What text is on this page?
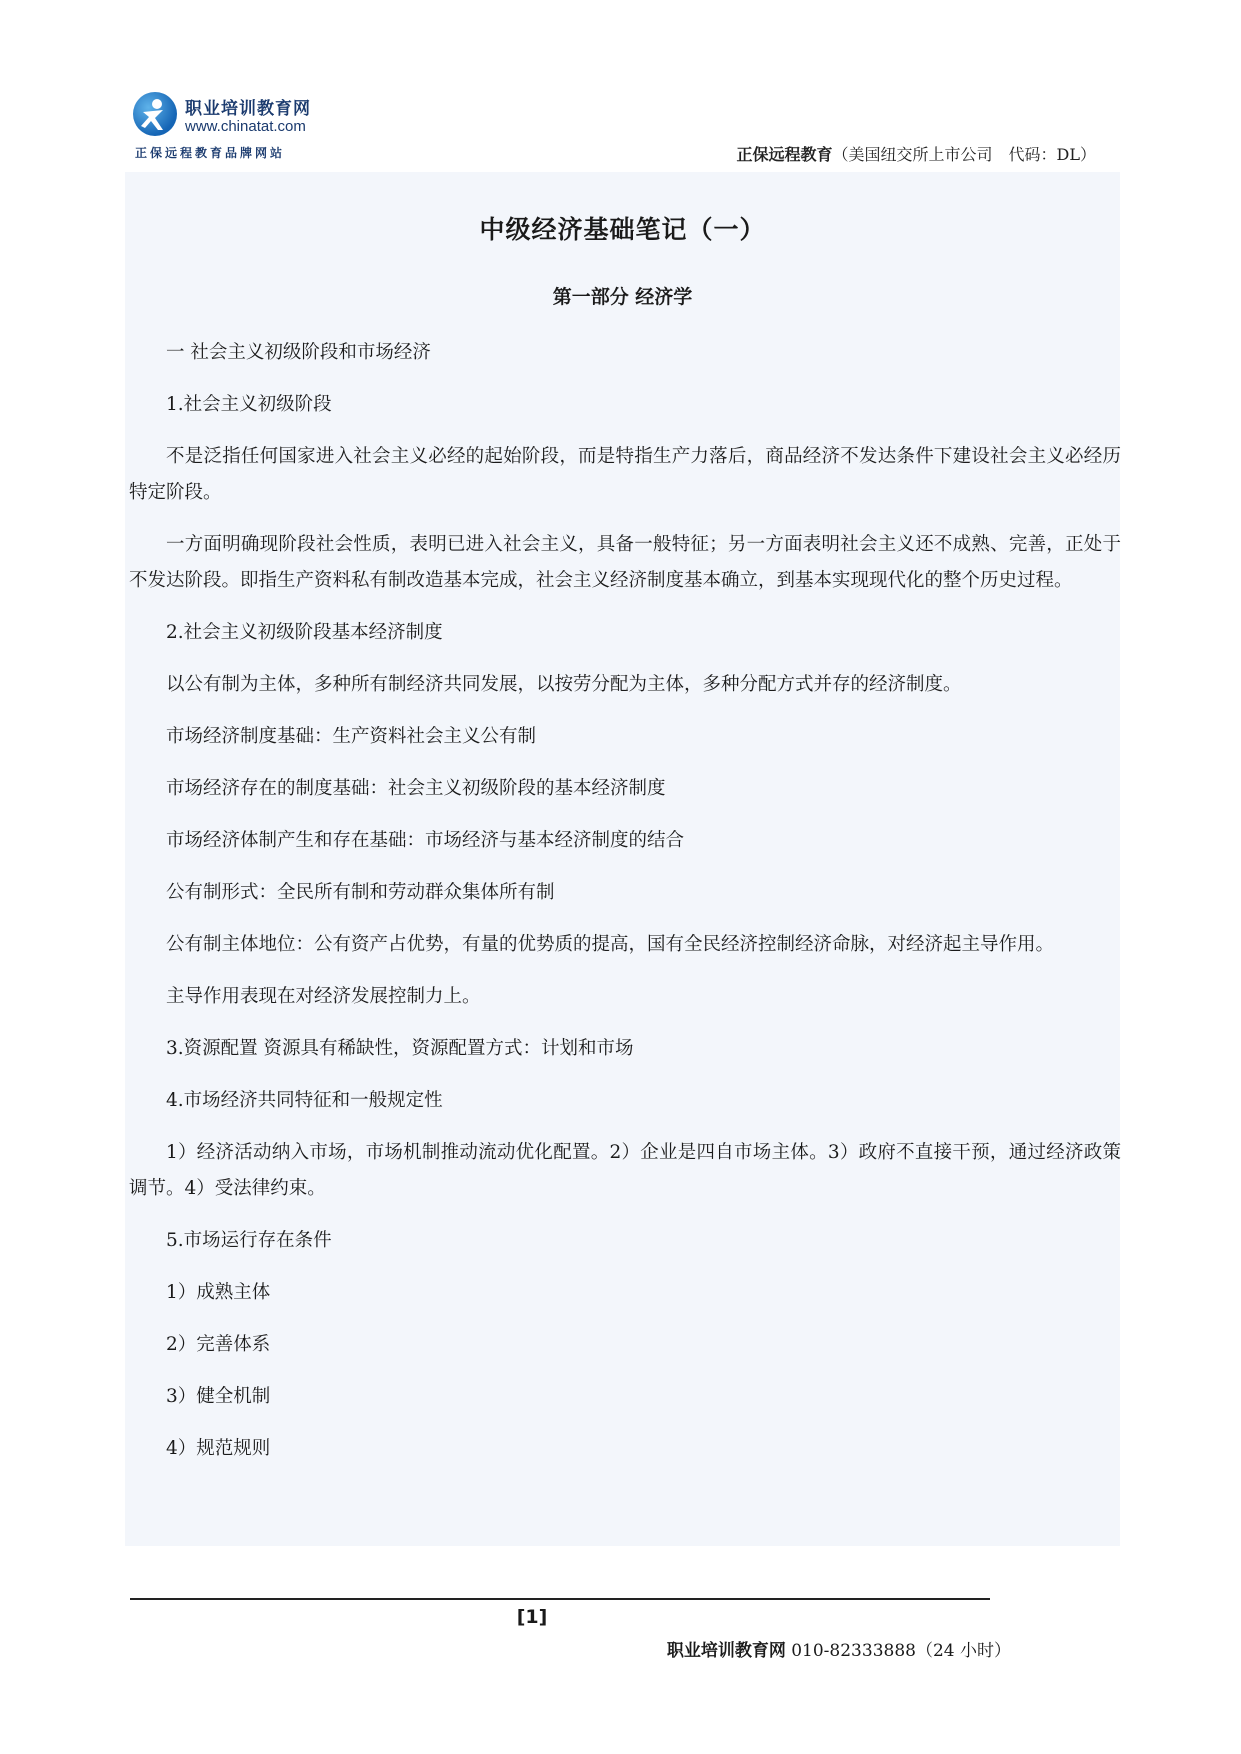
职业培训教育网
www.chinatat.com
正保远程教育品牌网站	正保远程教育（美国纽交所上市公司　代码：DL）
中级经济基础笔记（一）
第一部分 经济学

一 社会主义初级阶段和市场经济

1.社会主义初级阶段

不是泛指任何国家进入社会主义必经的起始阶段，而是特指生产力落后，商品经济不发达条件下建设社会主义必经历特定阶段。

一方面明确现阶段社会性质，表明已进入社会主义，具备一般特征；另一方面表明社会主义还不成熟、完善，正处于不发达阶段。即指生产资料私有制改造基本完成，社会主义经济制度基本确立，到基本实现现代化的整个历史过程。

2.社会主义初级阶段基本经济制度

以公有制为主体，多种所有制经济共同发展，以按劳分配为主体，多种分配方式并存的经济制度。

市场经济制度基础：生产资料社会主义公有制

市场经济存在的制度基础：社会主义初级阶段的基本经济制度

市场经济体制产生和存在基础：市场经济与基本经济制度的结合

公有制形式：全民所有制和劳动群众集体所有制

公有制主体地位：公有资产占优势，有量的优势质的提高，国有全民经济控制经济命脉，对经济起主导作用。

主导作用表现在对经济发展控制力上。

3.资源配置 资源具有稀缺性，资源配置方式：计划和市场

4.市场经济共同特征和一般规定性

1）经济活动纳入市场，市场机制推动流动优化配置。2）企业是四自市场主体。3）政府不直接干预，通过经济政策调节。4）受法律约束。

5.市场运行存在条件

1）成熟主体

2）完善体系

3）健全机制

4）规范规则

[1]
职业培训教育网 010-82333888（24 小时）
